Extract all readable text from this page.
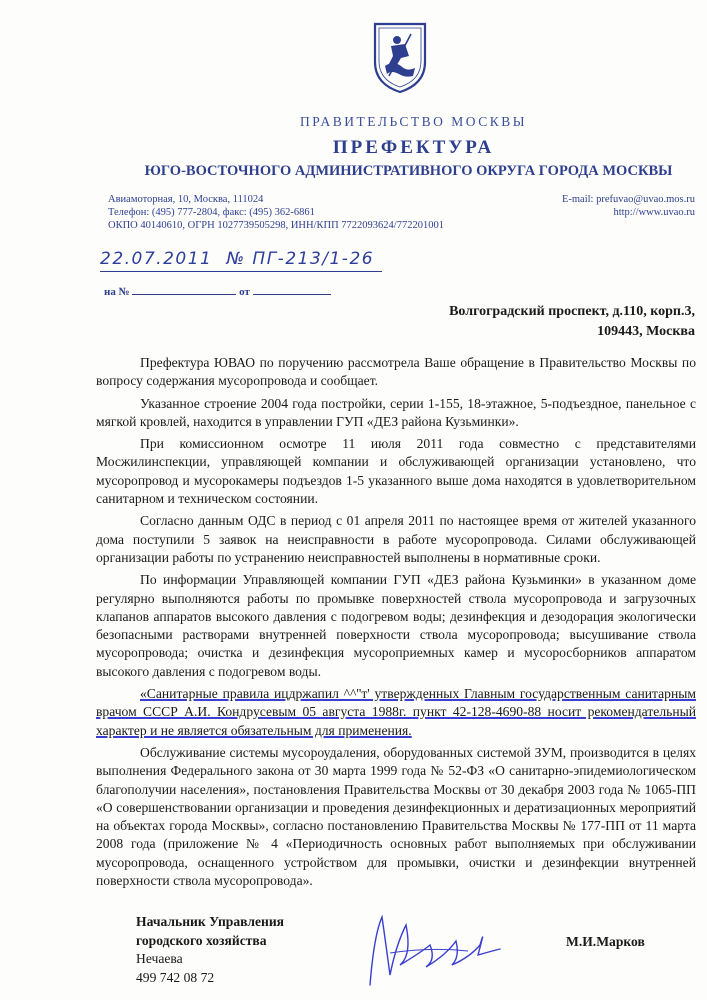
ПРАВИТЕЛЬСТВО МОСКВЫ
ПРЕФЕКТУРА
ЮГО-ВОСТОЧНОГО АДМИНИСТРАТИВНОГО ОКРУГА ГОРОДА МОСКВЫ
Авиамоторная, 10, Москва, 111024
Телефон: (495) 777-2804, факс: (495) 362-6861
ОКПО 40140610, ОГРН 1027739505298, ИНН/КПП 7722093624/772201001
E-mail: prefuvao@uvao.mos.ru
http://www.uvao.ru
22.07.2011 № ПГ-213/1-26
на №	от
Волгоградский проспект, д.110, корп.3,
109443, Москва

Префектура ЮВАО по поручению рассмотрела Ваше обращение в Правительство Москвы по вопросу содержания мусоропровода и сообщает.

Указанное строение 2004 года постройки, серии 1-155, 18-этажное, 5-подъездное, панельное с мягкой кровлей, находится в управлении ГУП «ДЕЗ района Кузьминки».

При комиссионном осмотре 11 июля 2011 года совместно с представителями Мосжилинспекции, управляющей компании и обслуживающей организации установлено, что мусоропровод и мусорокамеры подъездов 1-5 указанного выше дома находятся в удовлетворительном санитарном и техническом состоянии.

Согласно данным ОДС в период с 01 апреля 2011 по настоящее время от жителей указанного дома поступили 5 заявок на неисправности в работе мусоропровода. Силами обслуживающей организации работы по устранению неисправностей выполнены в нормативные сроки.

По информации Управляющей компании ГУП «ДЕЗ района Кузьминки» в указанном доме регулярно выполняются работы по промывке поверхностей ствола мусоропровода и загрузочных клапанов аппаратов высокого давления с подогревом воды; дезинфекция и дезодорация экологически безопасными растворами внутренней поверхности ствола мусоропровода; высушивание ствола мусоропровода; очистка и дезинфекция мусороприемных камер и мусоросборников аппаратом высокого давления с подогревом воды.

«Санитарные правила ицдржапил ^^''т' утвержденных Главным государственным санитарным врачом СССР А.И. Кондрусевым 05 августа 1988г. пункт 42-128-4690-88 носит рекомендательный характер и не является обязательным для применения.

Обслуживание системы мусороудаления, оборудованных системой ЗУМ, производится в целях выполнения Федерального закона от 30 марта 1999 года № 52-ФЗ «О санитарно-эпидемиологическом благополучии населения», постановления Правительства Москвы от 30 декабря 2003 года № 1065-ПП «О совершенствовании организации и проведения дезинфекционных и дератизационных мероприятий на объектах города Москвы», согласно постановлению Правительства Москвы № 177-ПП от 11 марта 2008 года (приложение № 4 «Периодичность основных работ выполняемых при обслуживании мусоропровода, оснащенного устройством для промывки, очистки и дезинфекции внутренней поверхности ствола мусоропровода».

Начальник Управления
городского хозяйства
Нечаева
499 742 08 72
М.И.Марков
